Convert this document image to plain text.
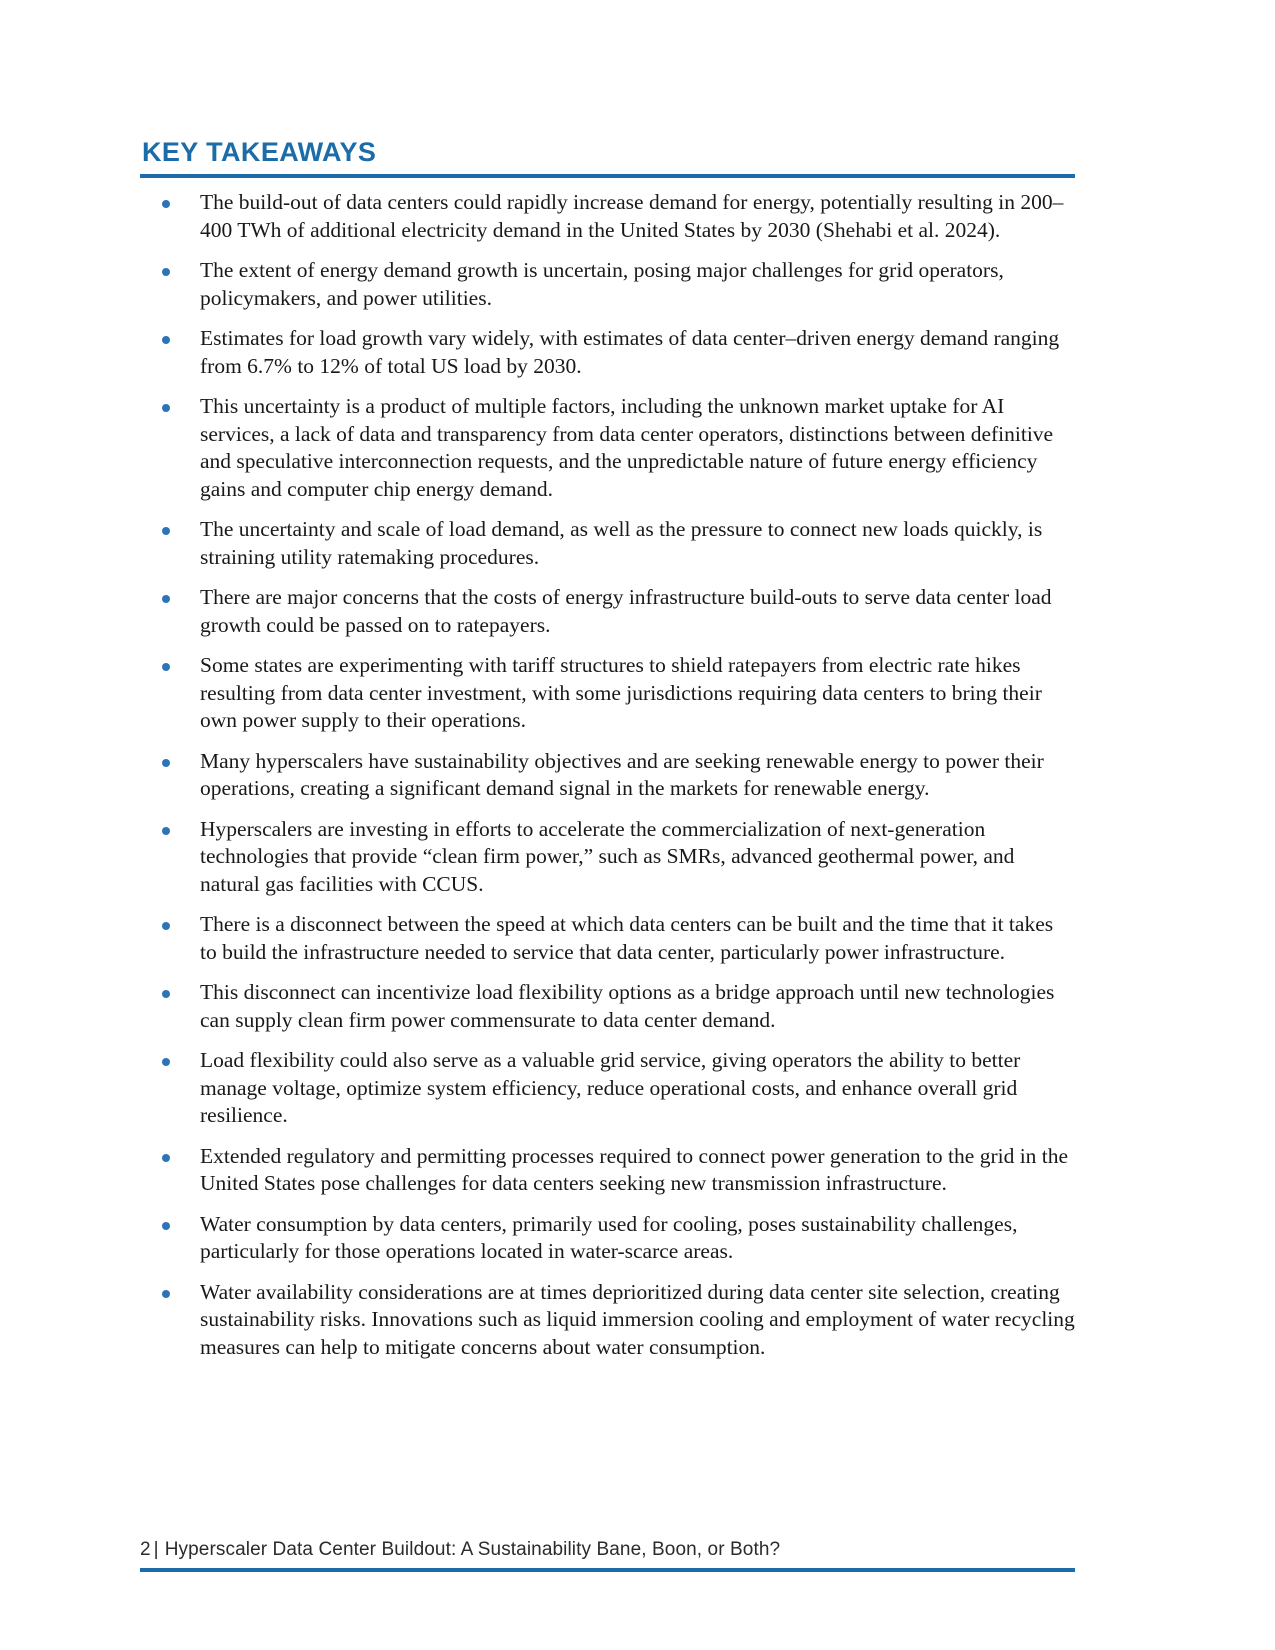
KEY TAKEAWAYS
The build-out of data centers could rapidly increase demand for energy, potentially resulting in 200–400 TWh of additional electricity demand in the United States by 2030 (Shehabi et al. 2024).
The extent of energy demand growth is uncertain, posing major challenges for grid operators, policymakers, and power utilities.
Estimates for load growth vary widely, with estimates of data center–driven energy demand ranging from 6.7% to 12% of total US load by 2030.
This uncertainty is a product of multiple factors, including the unknown market uptake for AI services, a lack of data and transparency from data center operators, distinctions between definitive and speculative interconnection requests, and the unpredictable nature of future energy efficiency gains and computer chip energy demand.
The uncertainty and scale of load demand, as well as the pressure to connect new loads quickly, is straining utility ratemaking procedures.
There are major concerns that the costs of energy infrastructure build-outs to serve data center load growth could be passed on to ratepayers.
Some states are experimenting with tariff structures to shield ratepayers from electric rate hikes resulting from data center investment, with some jurisdictions requiring data centers to bring their own power supply to their operations.
Many hyperscalers have sustainability objectives and are seeking renewable energy to power their operations, creating a significant demand signal in the markets for renewable energy.
Hyperscalers are investing in efforts to accelerate the commercialization of next-generation technologies that provide “clean firm power,” such as SMRs, advanced geothermal power, and natural gas facilities with CCUS.
There is a disconnect between the speed at which data centers can be built and the time that it takes to build the infrastructure needed to service that data center, particularly power infrastructure.
This disconnect can incentivize load flexibility options as a bridge approach until new technologies can supply clean firm power commensurate to data center demand.
Load flexibility could also serve as a valuable grid service, giving operators the ability to better manage voltage, optimize system efficiency, reduce operational costs, and enhance overall grid resilience.
Extended regulatory and permitting processes required to connect power generation to the grid in the United States pose challenges for data centers seeking new transmission infrastructure.
Water consumption by data centers, primarily used for cooling, poses sustainability challenges, particularly for those operations located in water-scarce areas.
Water availability considerations are at times deprioritized during data center site selection, creating sustainability risks. Innovations such as liquid immersion cooling and employment of water recycling measures can help to mitigate concerns about water consumption.
2 | Hyperscaler Data Center Buildout: A Sustainability Bane, Boon, or Both?
